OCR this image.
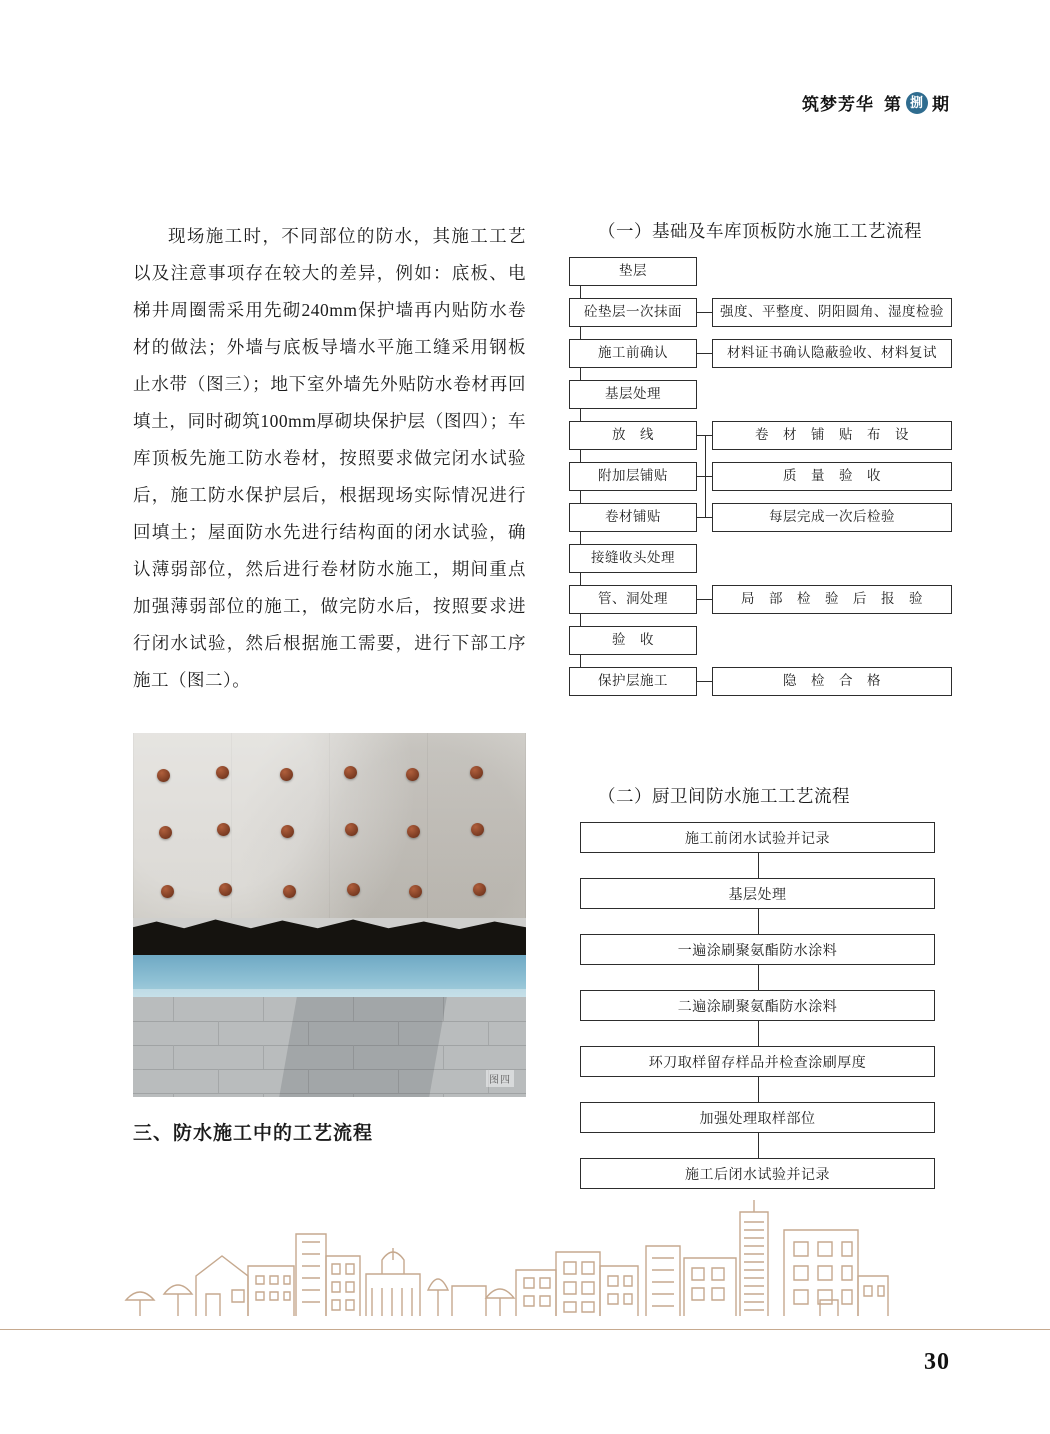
筑梦芳华 第 捌 期

现场施工时，不同部位的防水，其施工工艺以及注意事项存在较大的差异，例如：底板、电梯井周圈需采用先砌240mm保护墙再内贴防水卷材的做法；外墙与底板导墙水平施工缝采用钢板止水带（图三）；地下室外墙先外贴防水卷材再回填土，同时砌筑100mm厚砌块保护层（图四）；车库顶板先施工防水卷材，按照要求做完闭水试验后，施工防水保护层后，根据现场实际情况进行回填土；屋面防水先进行结构面的闭水试验，确认薄弱部位，然后进行卷材防水施工，期间重点加强薄弱部位的施工，做完防水后，按照要求进行闭水试验，然后根据施工需要，进行下部工序施工（图二）。

图四
三、防水施工中的工艺流程
（一）基础及车库顶板防水施工工艺流程
垫层
砼垫层一次抹面
施工前确认
基层处理
放　线
附加层铺贴
卷材铺贴
接缝收头处理
管、洞处理
验　收
保护层施工
强度、平整度、阴阳圆角、湿度检验
材料证书确认隐蔽验收、材料复试
卷　材　铺　贴　布　设
质　量　验　收
每层完成一次后检验
局　部　检　验　后　报　验
隐　检　合　格
（二）厨卫间防水施工工艺流程
施工前闭水试验并记录
基层处理
一遍涂刷聚氨酯防水涂料
二遍涂刷聚氨酯防水涂料
环刀取样留存样品并检查涂刷厚度
加强处理取样部位
施工后闭水试验并记录
30
